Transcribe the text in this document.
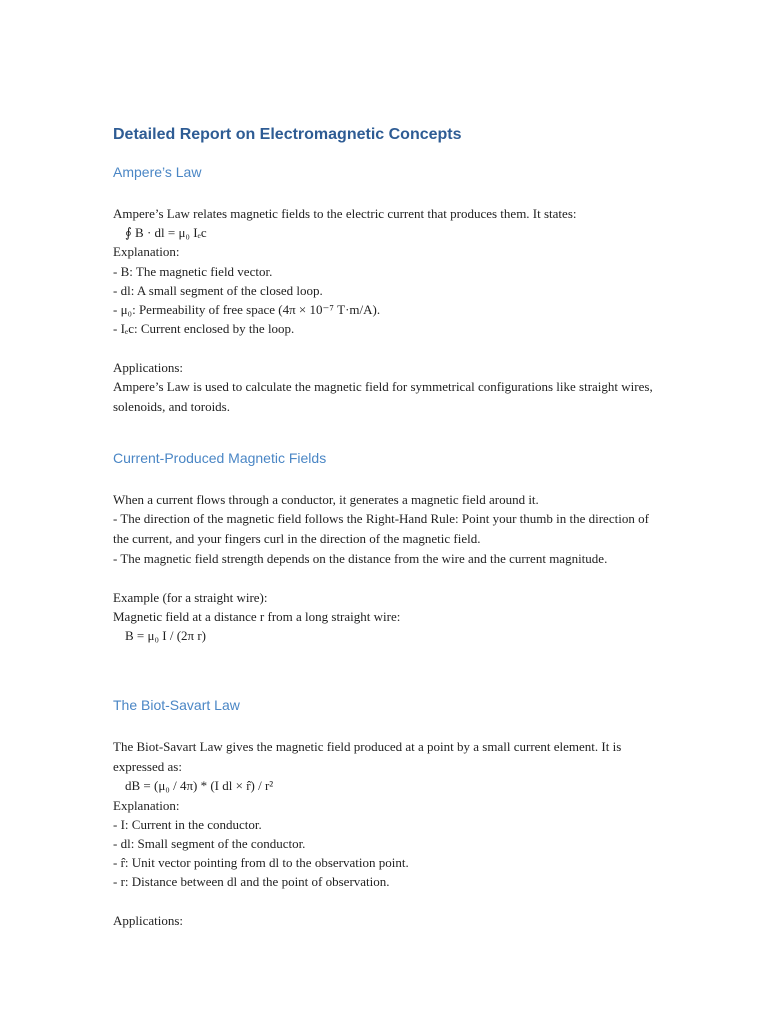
Detailed Report on Electromagnetic Concepts
Ampere’s Law

Ampere’s Law relates magnetic fields to the electric current that produces them. It states:

∮ B · dl = μ₀ Iₑc

Explanation:

- B: The magnetic field vector.

- dl: A small segment of the closed loop.

- μ₀: Permeability of free space (4π × 10⁻⁷ T·m/A).

- Iₑc: Current enclosed by the loop.

Applications:

Ampere’s Law is used to calculate the magnetic field for symmetrical configurations like straight wires, solenoids, and toroids.

Current-Produced Magnetic Fields

When a current flows through a conductor, it generates a magnetic field around it.

- The direction of the magnetic field follows the Right-Hand Rule: Point your thumb in the direction of the current, and your fingers curl in the direction of the magnetic field.

- The magnetic field strength depends on the distance from the wire and the current magnitude.

Example (for a straight wire):

Magnetic field at a distance r from a long straight wire:

B = μ₀ I / (2π r)

The Biot-Savart Law

The Biot-Savart Law gives the magnetic field produced at a point by a small current element. It is expressed as:

dB = (μ₀ / 4π) * (I dl × r̂) / r²

Explanation:

- I: Current in the conductor.

- dl: Small segment of the conductor.

- r̂: Unit vector pointing from dl to the observation point.

- r: Distance between dl and the point of observation.

Applications:
